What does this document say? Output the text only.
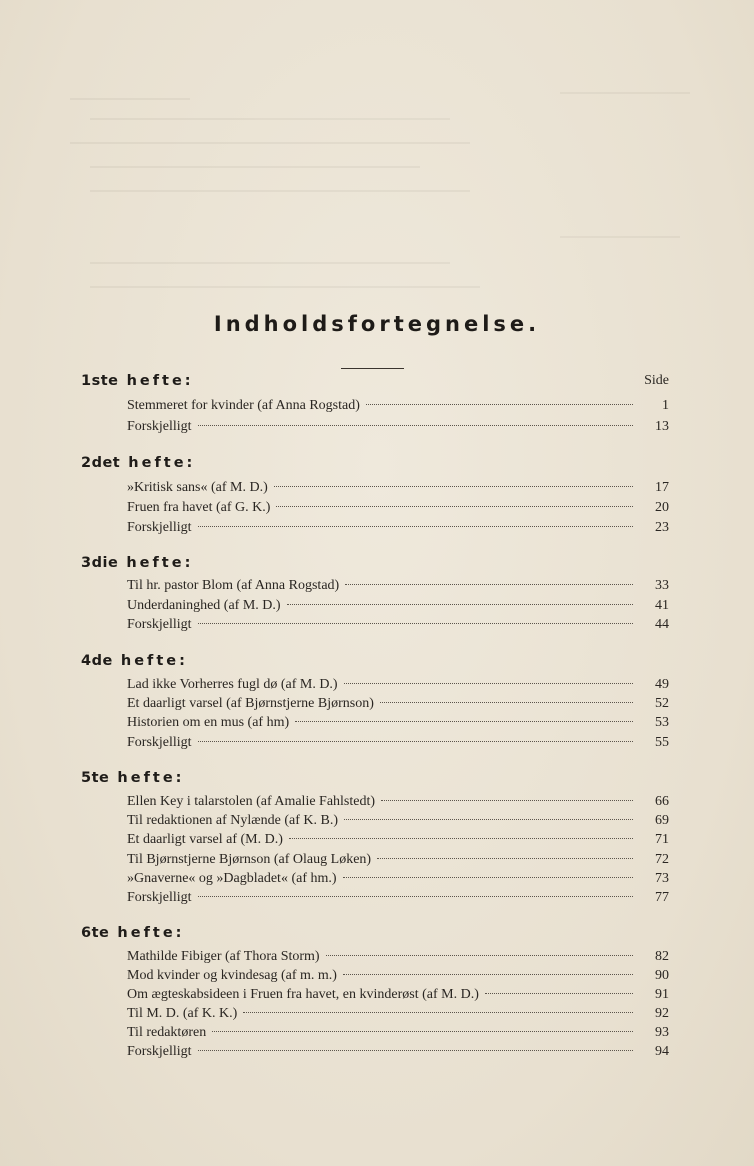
Indholdsfortegnelse.
Side
1ste hefte:
Stemmeret for kvinder (af Anna Rogstad)	1
Forskjelligt	13
2det hefte:
»Kritisk sans« (af M. D.)	17
Fruen fra havet (af G. K.)	20
Forskjelligt	23
3die hefte:
Til hr. pastor Blom (af Anna Rogstad)	33
Underdaninghed (af M. D.)	41
Forskjelligt	44
4de hefte:
Lad ikke Vorherres fugl dø (af M. D.)	49
Et daarligt varsel (af Bjørnstjerne Bjørnson)	52
Historien om en mus (af hm)	53
Forskjelligt	55
5te hefte:
Ellen Key i talarstolen (af Amalie Fahlstedt)	66
Til redaktionen af Nylænde (af K. B.)	69
Et daarligt varsel af (M. D.)	71
Til Bjørnstjerne Bjørnson (af Olaug Løken)	72
»Gnaverne« og »Dagbladet« (af hm.)	73
Forskjelligt	77
6te hefte:
Mathilde Fibiger (af Thora Storm)	82
Mod kvinder og kvindesag (af m. m.)	90
Om ægteskabsideen i Fruen fra havet, en kvinderøst (af M. D.)	91
Til M. D. (af K. K.)	92
Til redaktøren	93
Forskjelligt	94
